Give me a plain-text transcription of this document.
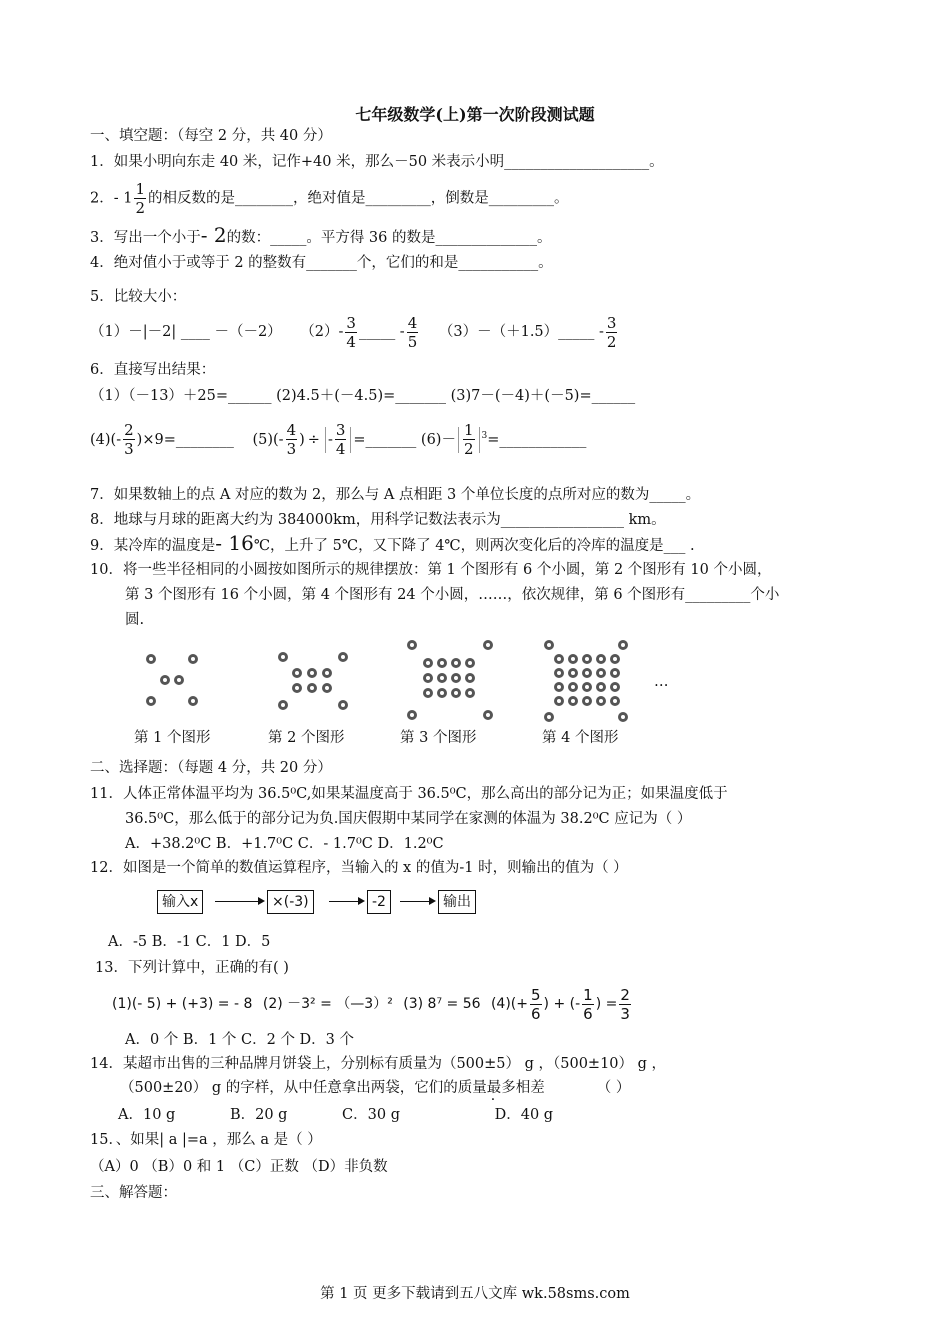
七年级数学(上)第一次阶段测试题
一、填空题：（每空 2 分，共 40 分）
1．如果小明向东走 40 米，记作+40 米，那么－50 米表示小明____________________。
2．- $1 \frac{1}{2}$ 的相反数的是________，绝对值是_________，倒数是_________。
3．写出一个小于- 2的数：_____。平方得 36 的数是______________。
4．绝对值小于或等于 2 的整数有_______个，它们的和是___________。
5．比较大小：
（1）－|－2| ____ －（－2） $(2)- \frac{3}{4}$ _____ - $\frac{4}{5}$ （3）－（＋1.5）_____ - $\frac{3}{2}$
6．直接写出结果：
（1）（－13）＋25=______ (2)4.5＋(－4.5)=_______ (3)7－(－4)＋(－5)=______
$(4)(- \frac{2}{3}$ )×9=________ $(5)(- \frac{4}{3}$ ) ÷ - $\frac{3}{4}$ =_______ $(6)- \frac{1}{2}$ $^3$=____________
7．如果数轴上的点 A 对应的数为 2，那么与 A 点相距 3 个单位长度的点所对应的数为_____。
8．地球与月球的距离大约为 384000km，用科学记数法表示为_________________ km。
9．某冷库的温度是- 16℃，上升了 5℃，又下降了 4℃，则两次变化后的冷库的温度是___ .
10．将一些半径相同的小圆按如图所示的规律摆放：第 1 个图形有 6 个小圆，第 2 个图形有 10 个小圆，
第 3 个图形有 16 个小圆，第 4 个图形有 24 个小圆，……，依次规律，第 6 个图形有_________个小
圆.
…
第 1 个图形	第 2 个图形	第 3 个图形	第 4 个图形
二、选择题：（每题 4 分，共 20 分）
11．人体正常体温平均为 36.5⁰C,如果某温度高于 36.5⁰C，那么高出的部分记为正；如果温度低于
36.5⁰C，那么低于的部分记为负.国庆假期中某同学在家测的体温为 38.2⁰C 应记为（ ）
A．+38.2⁰C B．+1.7⁰C C．- 1.7⁰C D．1.2⁰C
12．如图是一个简单的数值运算程序，当输入的 x 的值为-1 时，则输出的值为（ ）
输入x	×(-3)	-2	输出
A．-5 B．-1 C．1 D．5
13．下列计算中，正确的有( )
(1)(- 5) + (+3) = - 8 (2) －3² = （—3）² (3) 8⁷ = 56 $(4)(+ \frac{5}{6}$ ) + (- $\frac{1}{6}$ ) = $\frac{2}{3}$
A．0 个 B．1 个 C．2 个 D．3 个
14．某超市出售的三种品牌月饼袋上，分别标有质量为（500±5） g ，（500±10） g ，
（500±20） g 的字样，从中任意拿出两袋，它们的质量最多相差	（ ）
A．10 g	B．20 g	C．30 g	D．40 g
15．、如果| a |=a ，那么 a 是（ ）
（A）0 （B）0 和 1 （C）正数 （D）非负数
三、解答题：
第 1 页 更多下载请到五八文库 wk.58sms.com
